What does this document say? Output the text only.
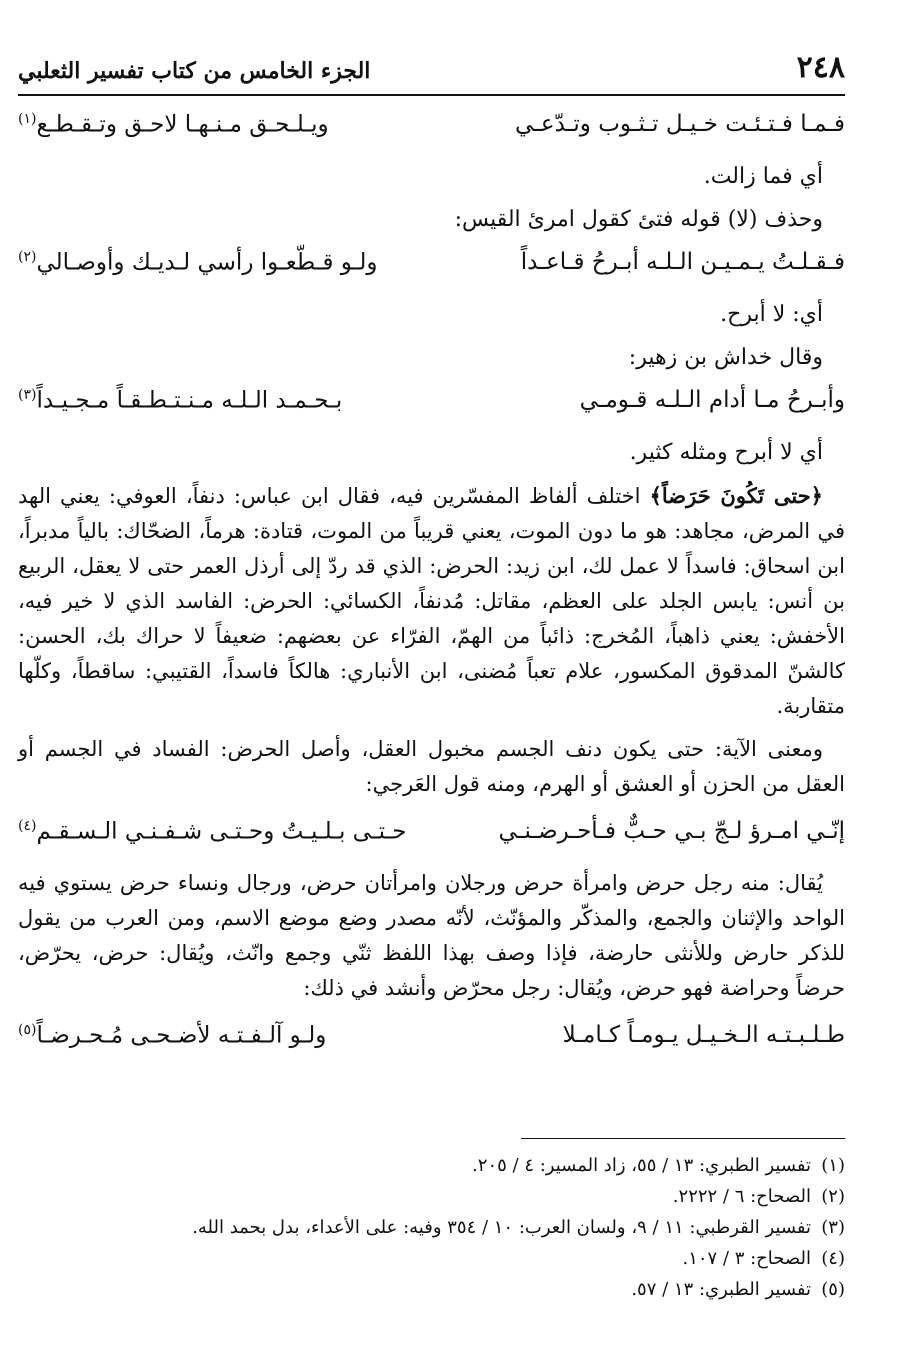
٢٤٨
الجزء الخامس من كتاب تفسير الثعلبي
فـمـا فـتـئـت خـيـل تـثـوب وتـدّعـي
ويـلـحـق مـنـهـا لاحـق وتـقـطـع$^{(١)}$
أي فما زالت.
وحذف (لا) قوله فتئ كقول امرئ القيس:
فـقـلـتُ يـمـيـن الـلـه أبـرحُ قـاعـداً
ولـو قـطّعـوا رأسي لـديـك وأوصـالي$^{(٢)}$
أي: لا أبرح.
وقال خداش بن زهير:
وأبـرحُ مـا أدام الـلـه قـومـي
بـحـمـد الـلـه مـنـتـطـقـاً مـجـيـداً$^{(٣)}$
أي لا أبرح ومثله كثير.

﴿حتى تَكُونَ حَرَضاً﴾ اختلف ألفاظ المفسّرين فيه، فقال ابن عباس: دنفاً، العوفي: يعني الهد في المرض، مجاهد: هو ما دون الموت، يعني قريباً من الموت، قتادة: هرماً، الضحّاك: بالياً مدبراً، ابن اسحاق: فاسداً لا عمل لك، ابن زيد: الحرض: الذي قد ردّ إلى أرذل العمر حتى لا يعقل، الربيع بن أنس: يابس الجلد على العظم، مقاتل: مُدنفاً، الكسائي: الحرض: الفاسد الذي لا خير فيه، الأخفش: يعني ذاهباً، المُخرج: ذائباً من الهمّ، الفرّاء عن بعضهم: ضعيفاً لا حراك بك، الحسن: كالشنّ المدقوق المكسور، علام تعباً مُضنى، ابن الأنباري: هالكاً فاسداً، القتيبي: ساقطاً، وكلّها متقاربة.

ومعنى الآية: حتى يكون دنف الجسم مخبول العقل، وأصل الحرض: الفساد في الجسم أو العقل من الحزن أو العشق أو الهرم، ومنه قول العَرجي:

إنّـي امـرؤ لـجّ بـي حـبٌّ فـأحـرضـنـي
حـتـى بـلـيـتُ وحـتـى شـفـنـي الـسـقـم$^{(٤)}$

يُقال: منه رجل حرض وامرأة حرض ورجلان وامرأتان حرض، ورجال ونساء حرض يستوي فيه الواحد والإثنان والجمع، والمذكّر والمؤنّث، لأنّه مصدر وضع موضع الاسم، ومن العرب من يقول للذكر حارض وللأنثى حارضة، فإذا وصف بهذا اللفظ ثنّي وجمع وانّث، ويُقال: حرض، يحرّض، حرضاً وحراضة فهو حرض، ويُقال: رجل محرّض وأنشد في ذلك:

طـلـبـتـه الـخـيـل يـومـاً كـامـلا
ولـو آلـفـتـه لأضـحـى مُـحـرضـاً$^{(٥)}$
(١)تفسير الطبري: ١٣ / ٥٥، زاد المسير: ٤ / ٢٠٥.
(٢)الصحاح: ٦ / ٢٢٢٢.
(٣)تفسير القرطبي: ١١ / ٩، ولسان العرب: ١٠ / ٣٥٤ وفيه: على الأعداء، بدل بحمد الله.
(٤)الصحاح: ٣ / ١٠٧.
(٥)تفسير الطبري: ١٣ / ٥٧.
